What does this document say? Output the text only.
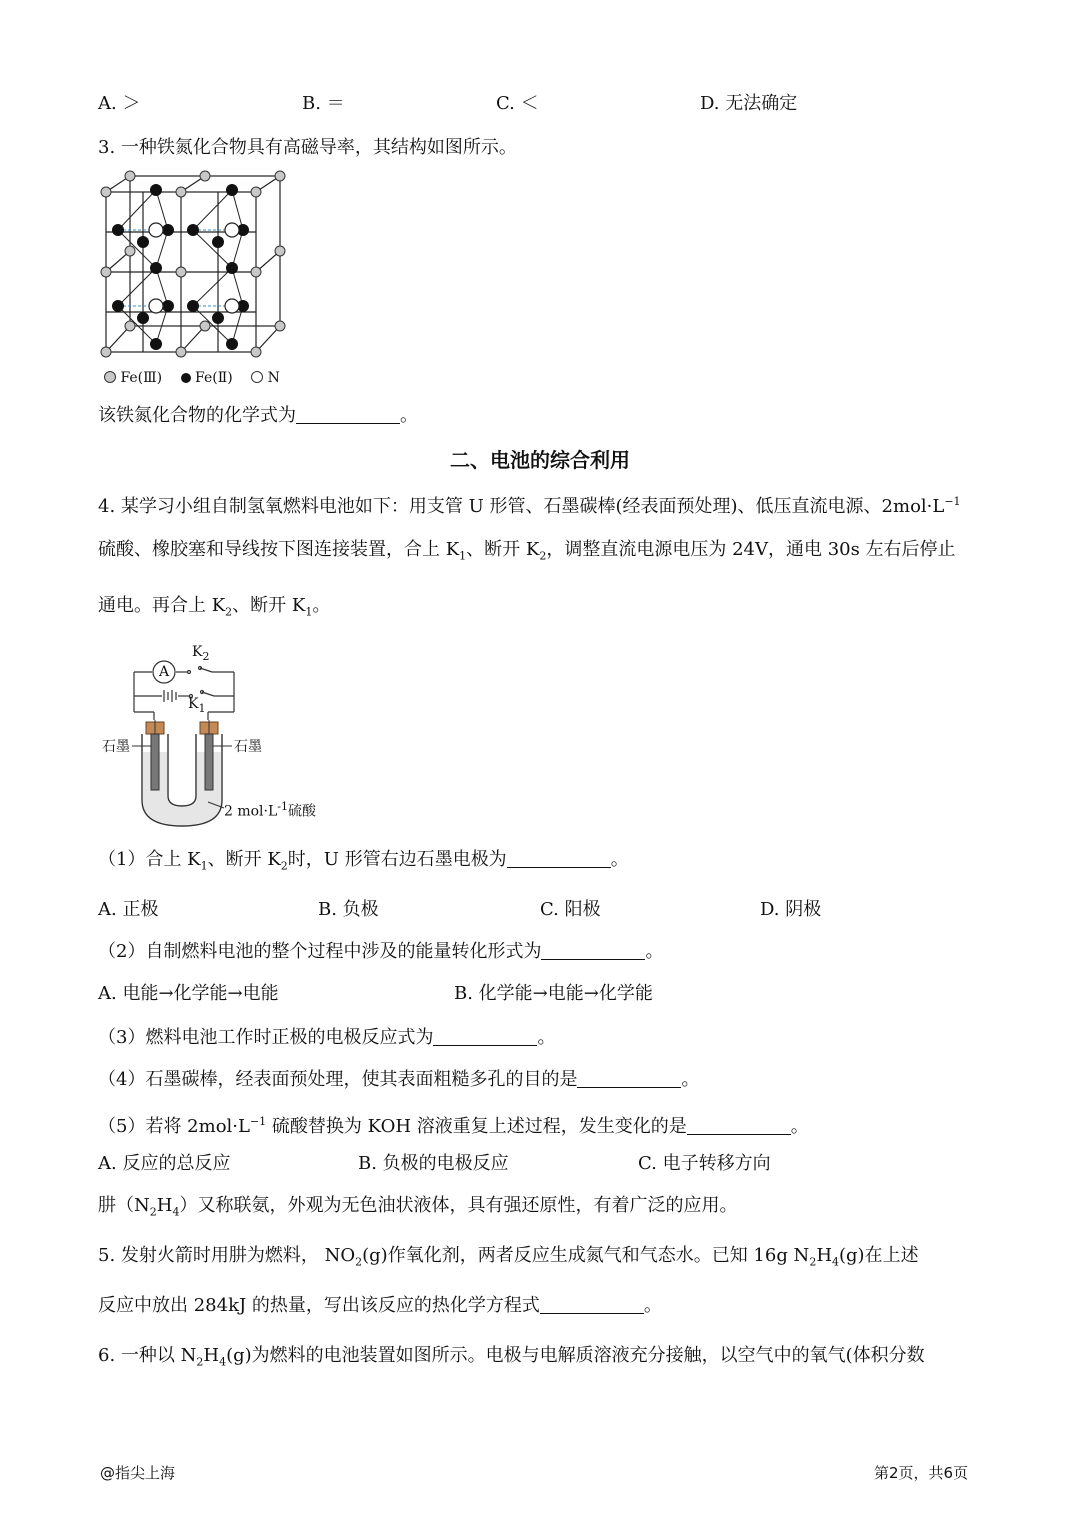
A. ＞	B. ＝	C. ＜	D. 无法确定
3. 一种铁氮化合物具有高磁导率，其结构如图所示。
Fe(Ⅲ) Fe(Ⅱ) N
该铁氮化合物的化学式为	。
二、电池的综合利用
4. 某学习小组自制氢氧燃料电池如下：用支管 U 形管、石墨碳棒(经表面预处理)、低压直流电源、$2mol\cdot L^{-1}$
硫酸、橡胶塞和导线按下图连接装置，合上 $K_1$、断开 $K_2$，调整直流电源电压为 24V，通电 30s 左右后停止
通电。再合上 $K_2$、断开 $K_1$。
A
$K_2$
$K_1$
石墨	石墨
2 $mol\cdot L^{-1}$硫酸
（1）合上 $K_1$、断开 $K_2$时，U 形管右边石墨电极为	。
A. 正极	B. 负极	C. 阳极	D. 阴极
（2）自制燃料电池的整个过程中涉及的能量转化形式为	。
A. 电能→化学能→电能	B. 化学能→电能→化学能
（3）燃料电池工作时正极的电极反应式为	。
（4）石墨碳棒，经表面预处理，使其表面粗糙多孔的目的是	。
（5）若将 $2mol\cdot L^{-1}$ 硫酸替换为 KOH 溶液重复上述过程，发生变化的是	。
A. 反应的总反应	B. 负极的电极反应	C. 电子转移方向
肼$(N_2H_4)$又称联氨，外观为无色油状液体，具有强还原性，有着广泛的应用。
5. 发射火箭时用肼为燃料， $NO_2(g)$作氧化剂，两者反应生成氮气和气态水。已知 16g $N_2H_4(g)$在上述
反应中放出 284kJ 的热量，写出该反应的热化学方程式	。
6. 一种以 $N_2H_4(g)$为燃料的电池装置如图所示。电极与电解质溶液充分接触，以空气中的氧气(体积分数
@指尖上海	第2页，共6页
